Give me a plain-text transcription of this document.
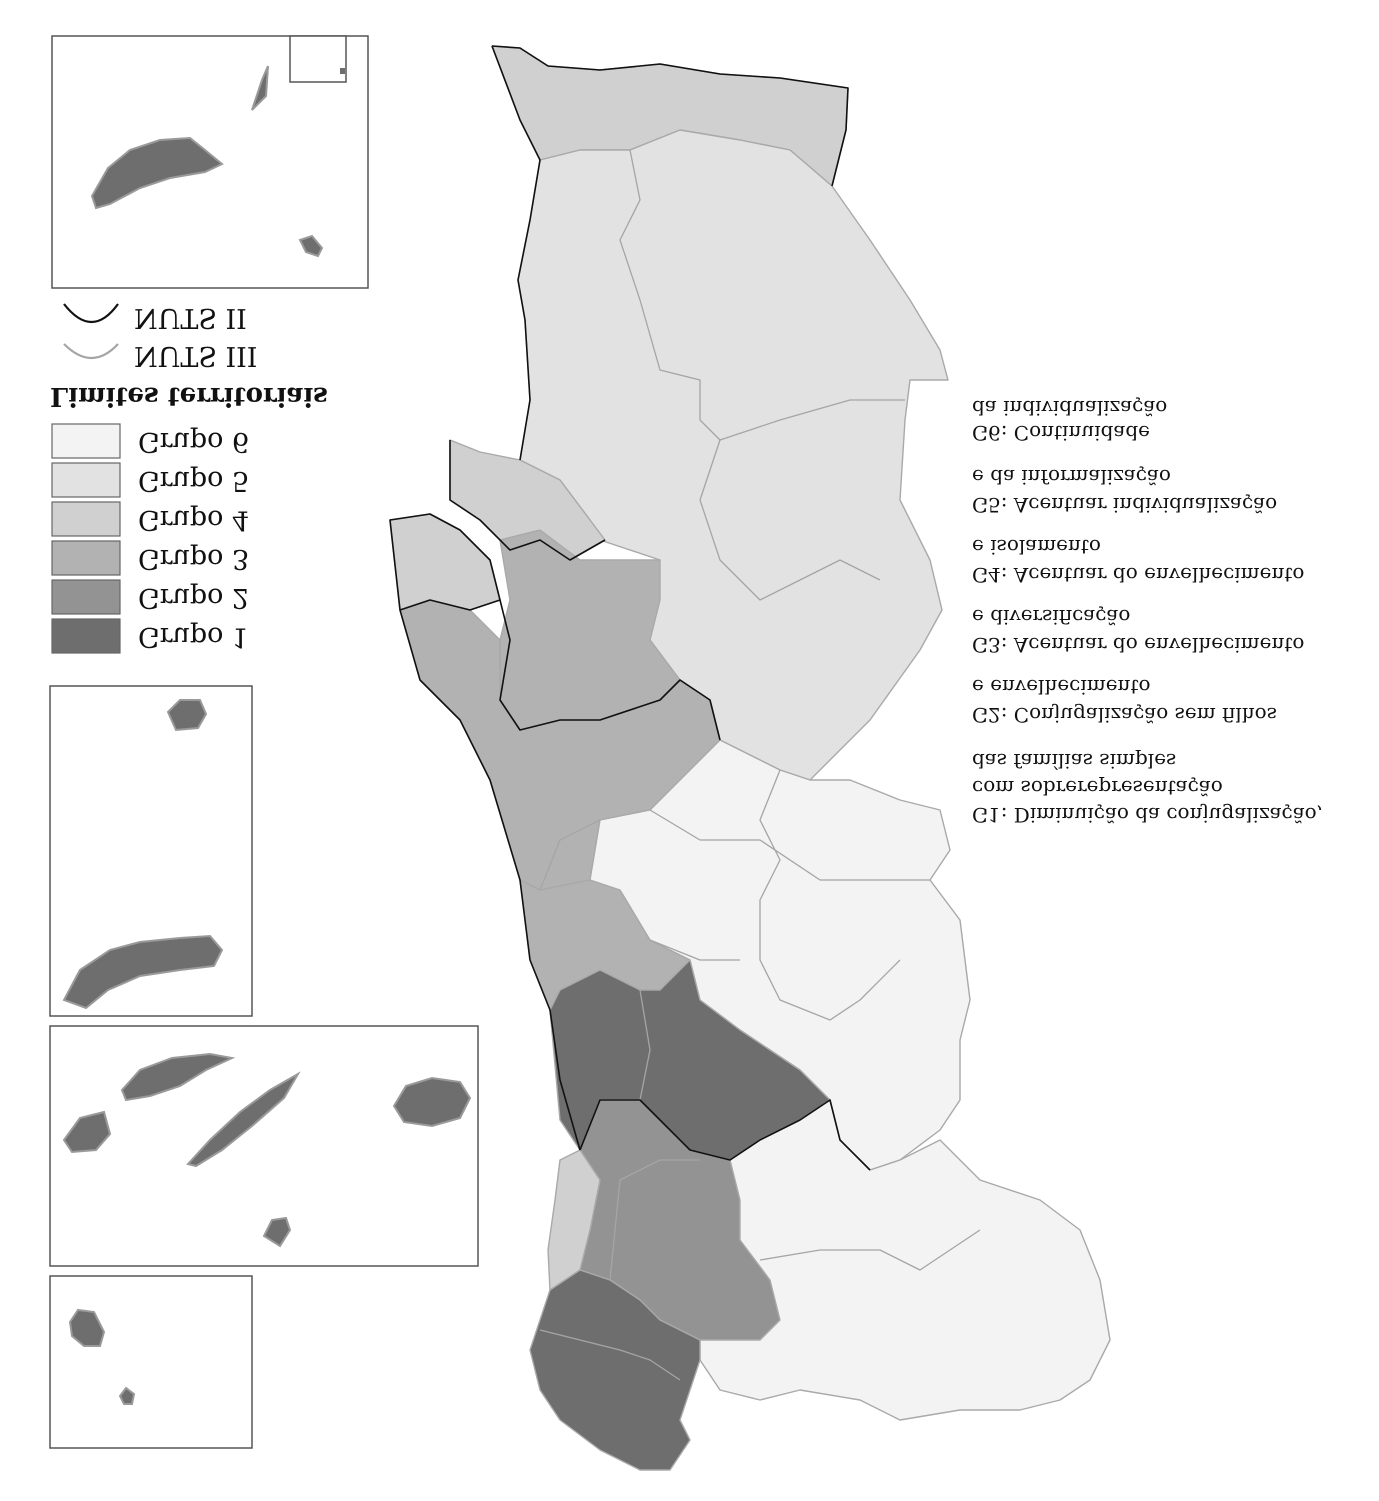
NUTS II
NUTS III
Limites territoriais
Grupo 6
Grupo 5
Grupo 4
Grupo 3
Grupo 2
Grupo 1
G6: Continuidade
da individualização
G5: Acentuar individualização
e da informalização
G4: Acentuar do envelhecimento
e isolamento
G3: Acentuar do envelhecimento
e diversificação
G2: Conjugalização sem filhos
e envelhecimento
G1: Diminuição da conjugalização,
com sobrerepresentação
das famílias simples
